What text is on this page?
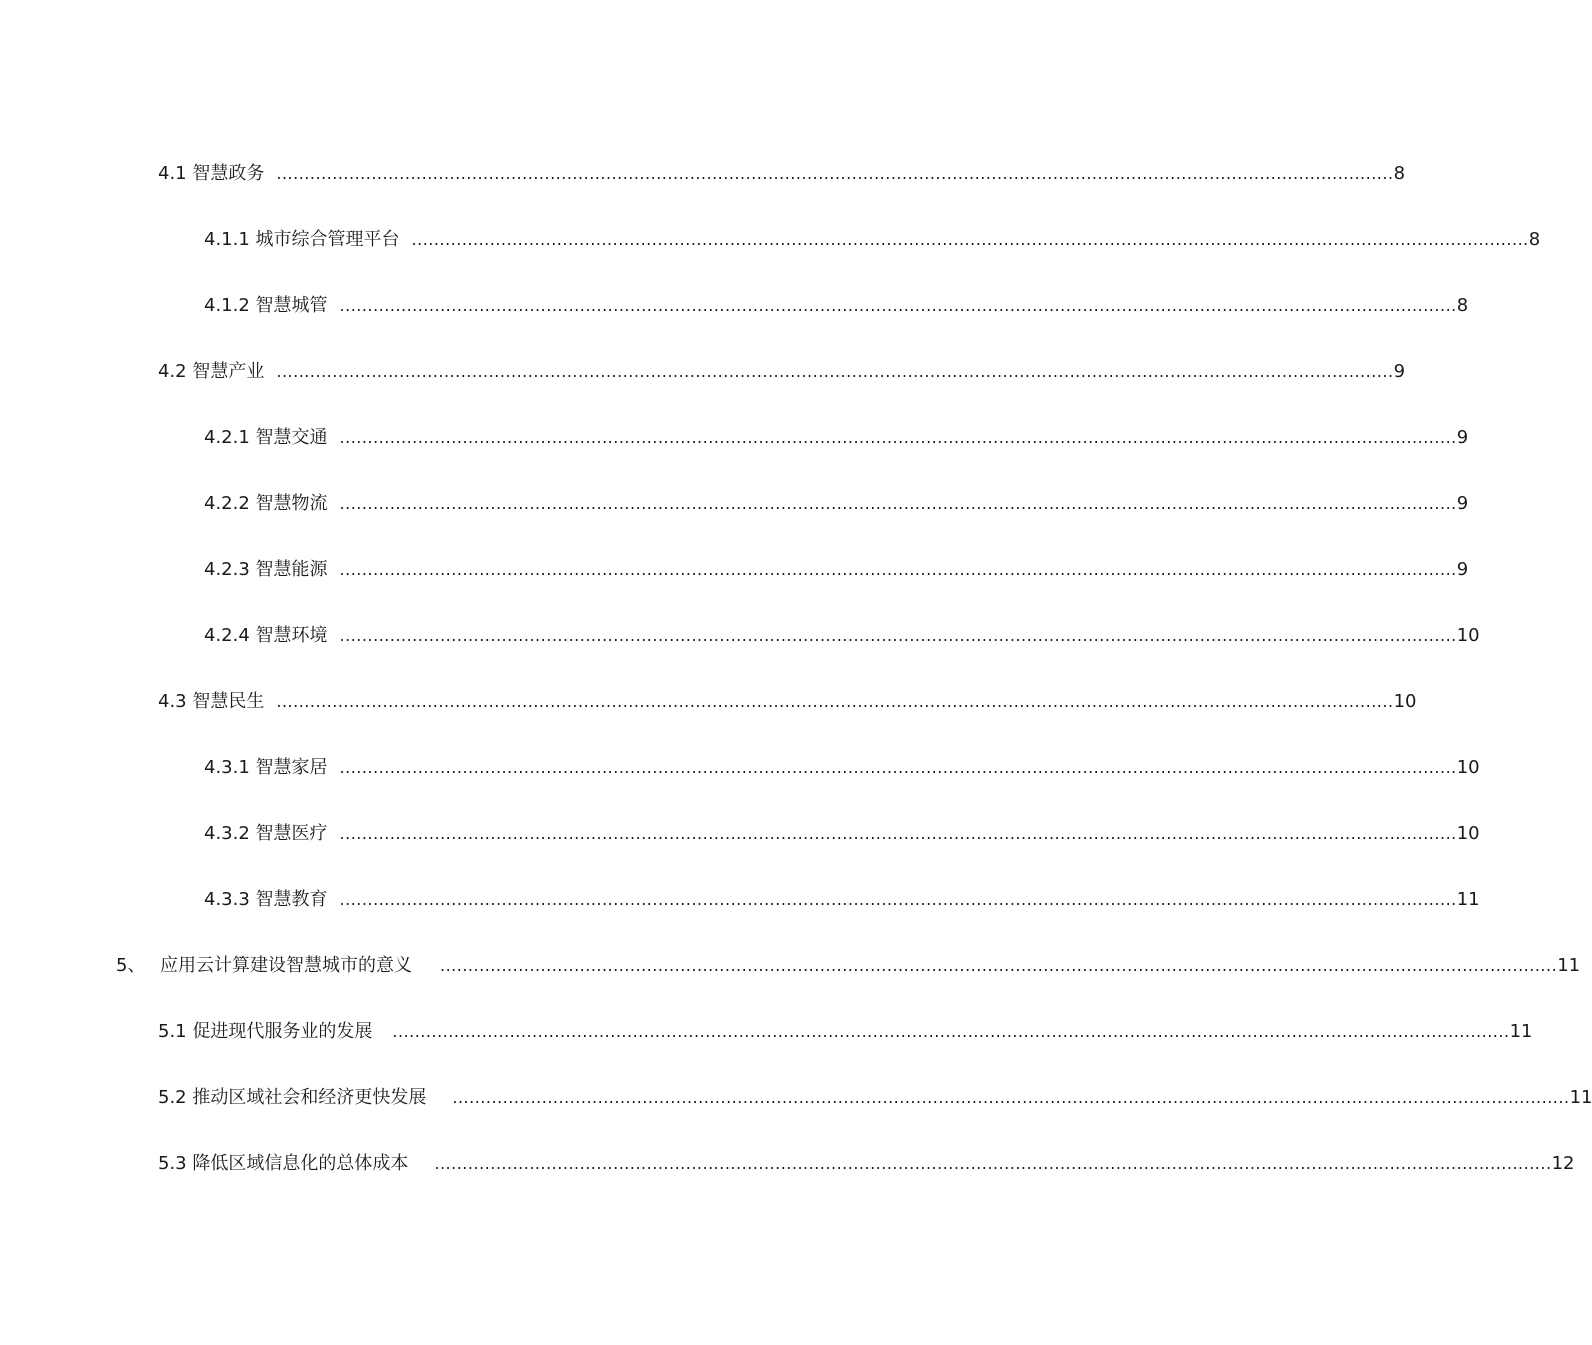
4.1
智慧政务 ........................................................................................................................................................................................................ 8
4.1.1
城市综合管理平台 ........................................................................................................................................................................................................ 8
4.1.2
智慧城管 ........................................................................................................................................................................................................ 8
4.2
智慧产业 ........................................................................................................................................................................................................ 9
4.2.1
智慧交通 ........................................................................................................................................................................................................ 9
4.2.2
智慧物流 ........................................................................................................................................................................................................ 9
4.2.3
智慧能源 ........................................................................................................................................................................................................ 9
4.2.4
智慧环境 ........................................................................................................................................................................................................ 10
4.3
智慧民生 ........................................................................................................................................................................................................ 10
4.3.1
智慧家居 ........................................................................................................................................................................................................ 10
4.3.2
智慧医疗 ........................................................................................................................................................................................................ 10
4.3.3
智慧教育 ........................................................................................................................................................................................................ 11
5、 应用云计算建设智慧城市的意义 ........................................................................................................................................................................................................ 11
5.1
促进现代服务业的发展 ........................................................................................................................................................................................................ 11
5.2
推动区域社会和经济更快发展 ........................................................................................................................................................................................................ 11
5.3
降低区域信息化的总体成本 ........................................................................................................................................................................................................ 12
